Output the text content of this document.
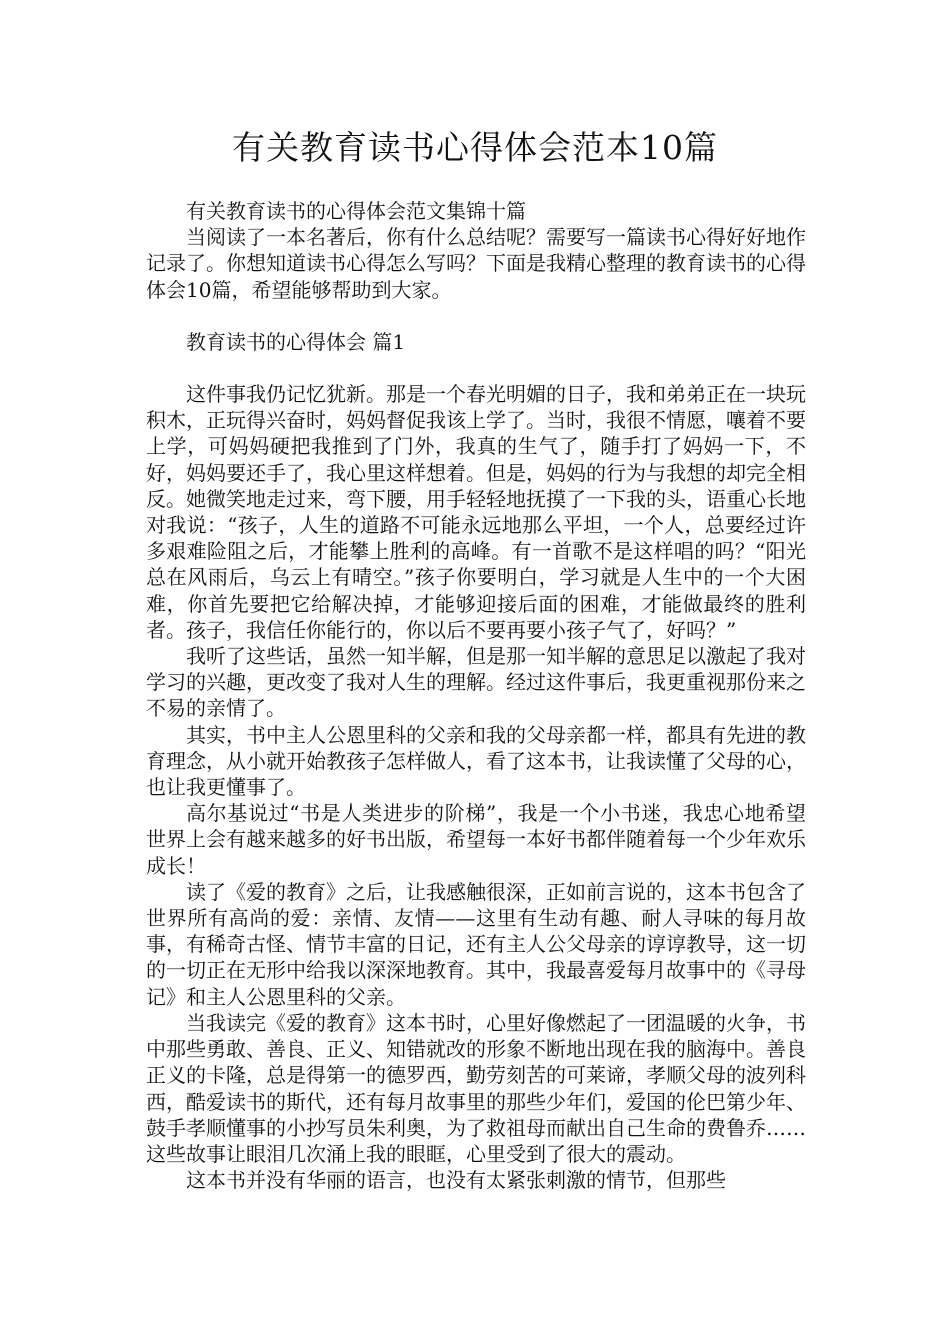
有关教育读书心得体会范本10篇

有关教育读书的心得体会范文集锦十篇

当阅读了一本名著后，你有什么总结呢？需要写一篇读书心得好好地作记录了。你想知道读书心得怎么写吗？下面是我精心整理的教育读书的心得体会10篇，希望能够帮助到大家。

教育读书的心得体会 篇1

这件事我仍记忆犹新。那是一个春光明媚的日子，我和弟弟正在一块玩积木，正玩得兴奋时，妈妈督促我该上学了。当时，我很不情愿，嚷着不要上学，可妈妈硬把我推到了门外，我真的生气了，随手打了妈妈一下，不好，妈妈要还手了，我心里这样想着。但是，妈妈的行为与我想的却完全相反。她微笑地走过来，弯下腰，用手轻轻地抚摸了一下我的头，语重心长地对我说：“孩子，人生的道路不可能永远地那么平坦，一个人，总要经过许多艰难险阻之后，才能攀上胜利的高峰。有一首歌不是这样唱的吗？“阳光总在风雨后，乌云上有晴空。”孩子你要明白，学习就是人生中的一个大困难，你首先要把它给解决掉，才能够迎接后面的困难，才能做最终的胜利者。孩子，我信任你能行的，你以后不要再要小孩子气了，好吗？”

我听了这些话，虽然一知半解，但是那一知半解的意思足以激起了我对学习的兴趣，更改变了我对人生的理解。经过这件事后，我更重视那份来之不易的亲情了。

其实，书中主人公恩里科的父亲和我的父母亲都一样，都具有先进的教育理念，从小就开始教孩子怎样做人，看了这本书，让我读懂了父母的心，也让我更懂事了。

高尔基说过“书是人类进步的阶梯”，我是一个小书迷，我忠心地希望世界上会有越来越多的好书出版，希望每一本好书都伴随着每一个少年欢乐成长！

读了《爱的教育》之后，让我感触很深，正如前言说的，这本书包含了世界所有高尚的爱：亲情、友情——这里有生动有趣、耐人寻味的每月故事，有稀奇古怪、情节丰富的日记，还有主人公父母亲的谆谆教导，这一切的一切正在无形中给我以深深地教育。其中，我最喜爱每月故事中的《寻母记》和主人公恩里科的父亲。

当我读完《爱的教育》这本书时，心里好像燃起了一团温暖的火争，书中那些勇敢、善良、正义、知错就改的形象不断地出现在我的脑海中。善良正义的卡隆，总是得第一的德罗西，勤劳刻苦的可莱谛，孝顺父母的波列科西，酷爱读书的斯代，还有每月故事里的那些少年们，爱国的伦巴第少年、鼓手孝顺懂事的小抄写员朱利奥，为了救祖母而献出自己生命的费鲁乔……这些故事让眼泪几次涌上我的眼眶，心里受到了很大的震动。

这本书并没有华丽的语言，也没有太紧张刺激的情节，但那些
